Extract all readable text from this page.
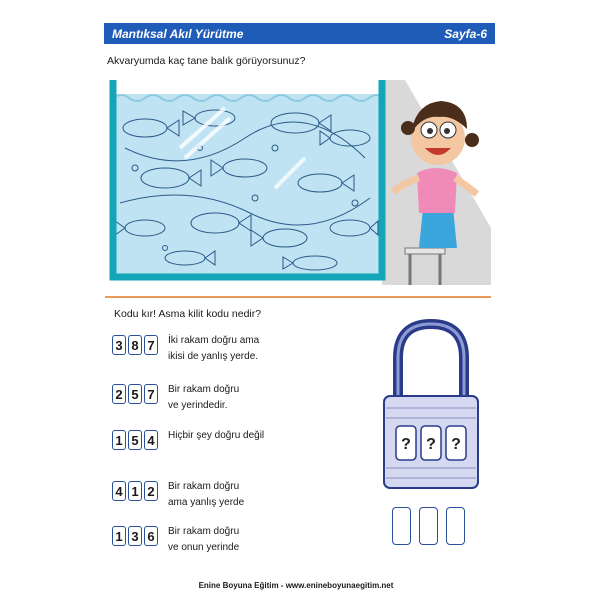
Mantıksal Akıl Yürütme	Sayfa-6
Akvaryumda kaç tane balık görüyorsunuz?
Kodu kır! Asma kilit kodu nedir?
3 8 7	İki rakam doğru ama
ikisi de yanlış yerde.
2 5 7	Bir rakam doğru
ve yerindedir.
1 5 4	Hiçbir şey doğru değil
4 1 2	Bir rakam doğru
ama yanlış yerde
1 3 6	Bir rakam doğru
ve onun yerinde
? ? ?
Enine Boyuna Eğitim - www.enineboyunaegitim.net
